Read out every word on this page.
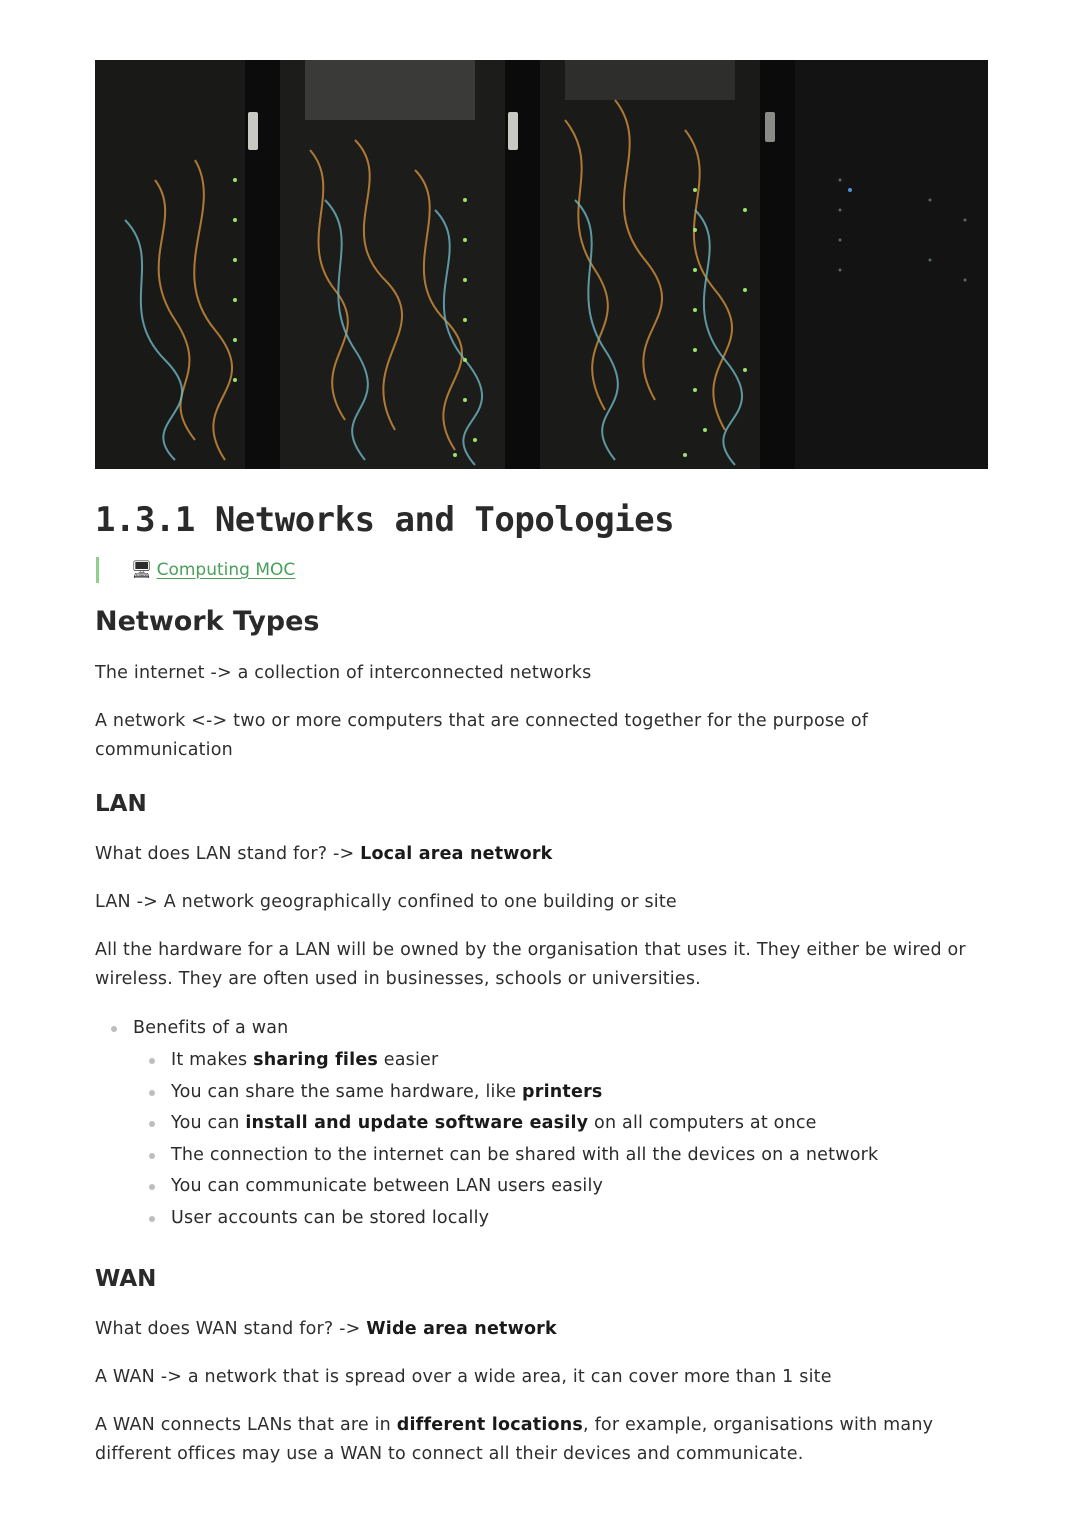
1.3.1 Networks and Topologies
🖥 Computing MOC
Network Types

The internet -> a collection of interconnected networks

A network <-> two or more computers that are connected together for the purpose of communication

LAN

What does LAN stand for? -> Local area network

LAN -> A network geographically confined to one building or site

All the hardware for a LAN will be owned by the organisation that uses it. They either be wired or wireless. They are often used in businesses, schools or universities.

Benefits of a wan
It makes sharing files easier
You can share the same hardware, like printers
You can install and update software easily on all computers at once
The connection to the internet can be shared with all the devices on a network
You can communicate between LAN users easily
User accounts can be stored locally
WAN

What does WAN stand for? -> Wide area network

A WAN -> a network that is spread over a wide area, it can cover more than 1 site

A WAN connects LANs that are in different locations, for example, organisations with many different offices may use a WAN to connect all their devices and communicate.
